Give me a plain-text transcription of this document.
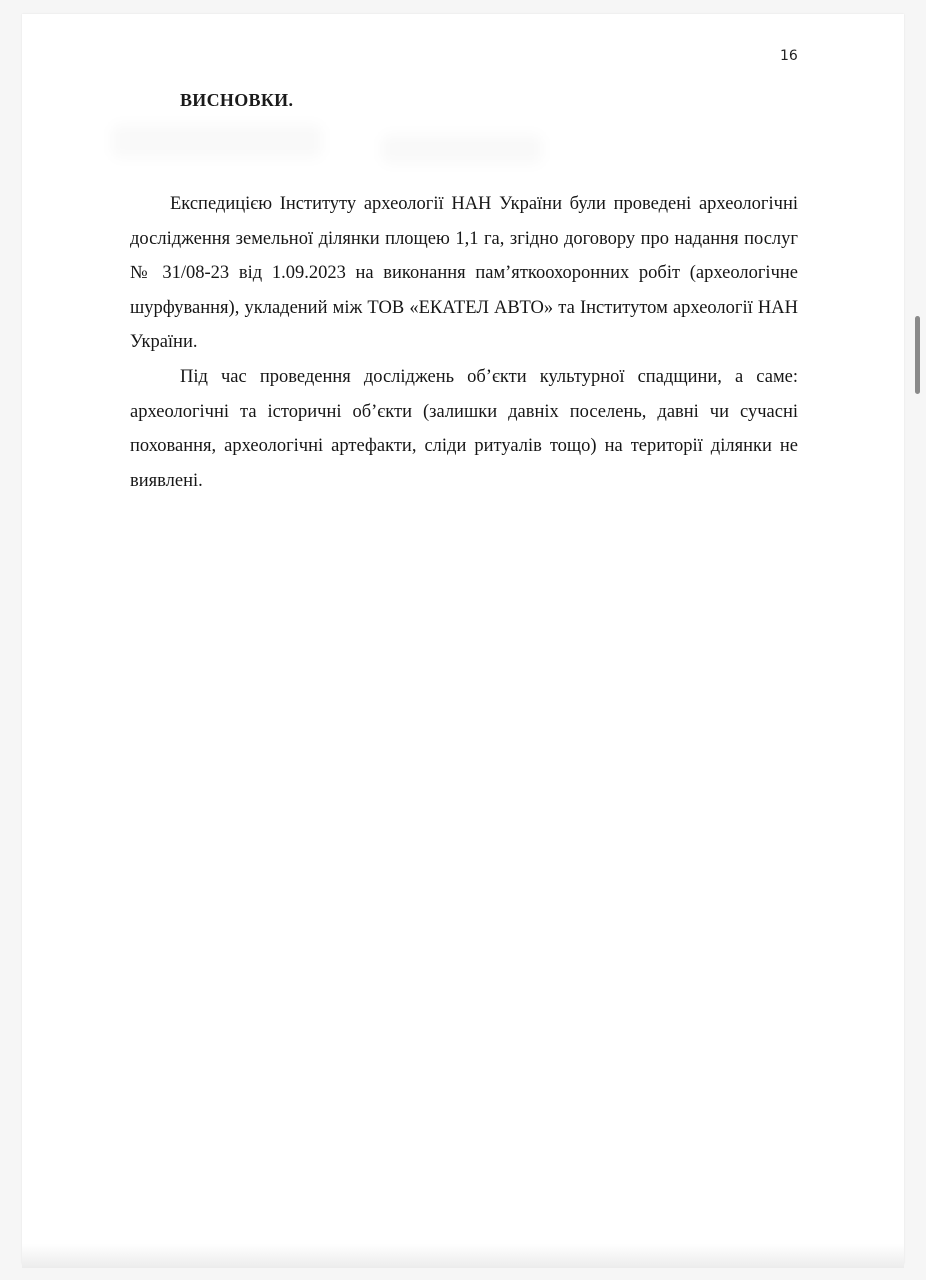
16
ВИСНОВКИ.

Експедицією Інституту археології НАН України були проведені археологічні дослідження земельної ділянки площею 1,1 га, згідно договору про надання послуг № 31/08-23 від 1.09.2023 на виконання пам’яткоохоронних робіт (археологічне шурфування), укладений між ТОВ «ЕКАТЕЛ АВТО» та Інститутом археології НАН України.

Під час проведення досліджень об’єкти культурної спадщини, а саме: археологічні та історичні об’єкти (залишки давніх поселень, давні чи сучасні поховання, археологічні артефакти, сліди ритуалів тощо) на території ділянки не виявлені.
